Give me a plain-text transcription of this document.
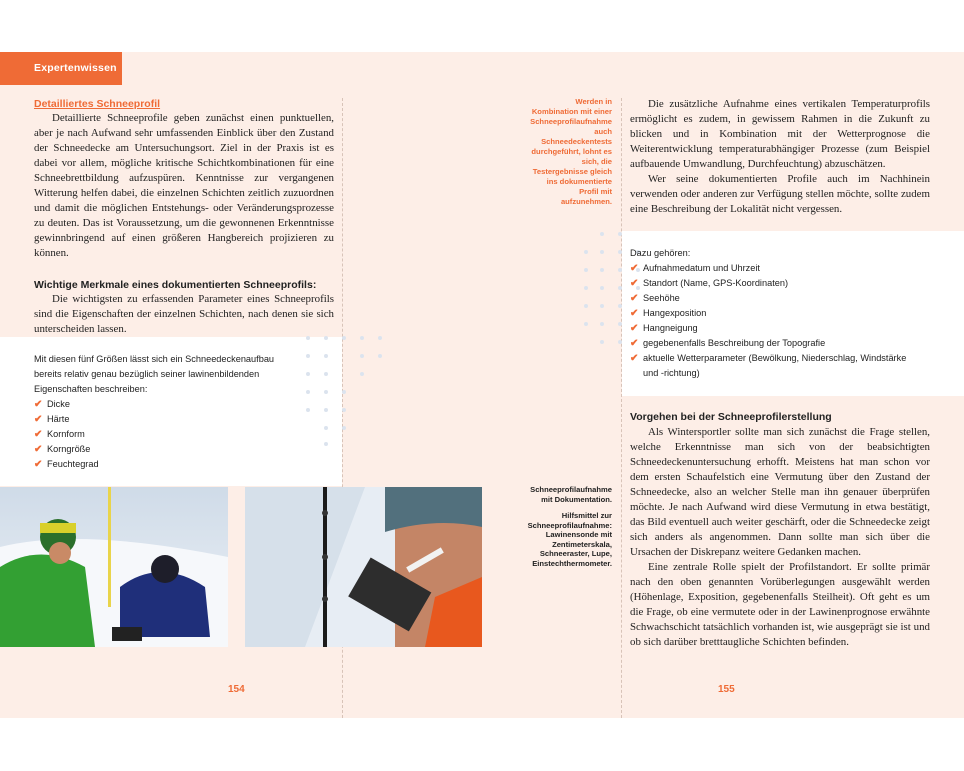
Expertenwissen
Detailliertes Schneeprofil

Detaillierte Schneeprofile geben zunächst einen punktuellen, aber je nach Aufwand sehr umfassenden Einblick über den Zustand der Schneedecke am Untersuchungsort. Ziel in der Praxis ist es dabei vor allem, mögliche kritische Schichtkombinationen für eine Schneebrettbildung aufzuspüren. Kenntnisse zur vergangenen Witterung helfen dabei, die einzelnen Schichten zeitlich zuzuordnen und damit die möglichen Entstehungs- oder Veränderungsprozesse zu deuten. Das ist Voraussetzung, um die gewonnenen Erkenntnisse gewinnbringend auf einen größeren Hangbereich projizieren zu können.

Wichtige Merkmale eines dokumentierten Schneeprofils:

Die wichtigsten zu erfassenden Parameter eines Schneeprofils sind die Eigenschaften der einzelnen Schichten, nach denen sie sich unterscheiden lassen.

Mit diesen fünf Größen lässt sich ein Schneedeckenaufbau bereits relativ genau bezüglich seiner lawinenbildenden Eigenschaften beschreiben:
✔ Dicke
✔ Härte
✔ Kornform
✔ Korngröße
✔ Feuchtegrad
Werden in Kombination mit einer Schneeprofilaufnahme auch Schneedeckentests durchgeführt, lohnt es sich, die Testergebnisse gleich ins dokumentierte Profil mit aufzunehmen.

Schneeprofilaufnahme mit Dokumentation.

Hilfsmittel zur Schneeprofilaufnahme: Lawinensonde mit Zentimeterskala, Schneeraster, Lupe, Einstechthermometer.

Die zusätzliche Aufnahme eines vertikalen Temperaturprofils ermöglicht es zudem, in gewissem Rahmen in die Zukunft zu blicken und in Kombination mit der Wetterprognose die Weiterentwicklung temperaturabhängiger Prozesse (zum Beispiel aufbauende Umwandlung, Durchfeuchtung) abzuschätzen.

Wer seine dokumentierten Profile auch im Nachhinein verwenden oder anderen zur Verfügung stellen möchte, sollte zudem eine Beschreibung der Lokalität nicht vergessen.

Dazu gehören:
✔ Aufnahmedatum und Uhrzeit
✔ Standort (Name, GPS-Koordinaten)
✔ Seehöhe
✔ Hangexposition
✔ Hangneigung
✔ gegebenenfalls Beschreibung der Topografie
✔ aktuelle Wetterparameter (Bewölkung, Niederschlag, Windstärke und -richtung)
Vorgehen bei der Schneeprofilerstellung

Als Wintersportler sollte man sich zunächst die Frage stellen, welche Erkenntnisse man sich von der beabsichtigten Schneedeckenuntersuchung erhofft. Meistens hat man schon vor dem ersten Schaufelstich eine Vermutung über den Zustand der Schneedecke, also an welcher Stelle man ihn genauer überprüfen möchte. Je nach Aufwand wird diese Vermutung in etwa bestätigt, das Bild eventuell auch weiter geschärft, oder die Schneedecke zeigt sich anders als angenommen. Dann sollte man sich über die Ursachen der Diskrepanz weitere Gedanken machen.

Eine zentrale Rolle spielt der Profilstandort. Er sollte primär nach den oben genannten Vorüberlegungen ausgewählt werden (Höhenlage, Exposition, gegebenenfalls Steilheit). Oft geht es um die Frage, ob eine vermutete oder in der Lawinenprognose erwähnte Schwachschicht tatsächlich vorhanden ist, wie ausgeprägt sie ist und ob sich darüber bretttaugliche Schichten befinden.

154	155
